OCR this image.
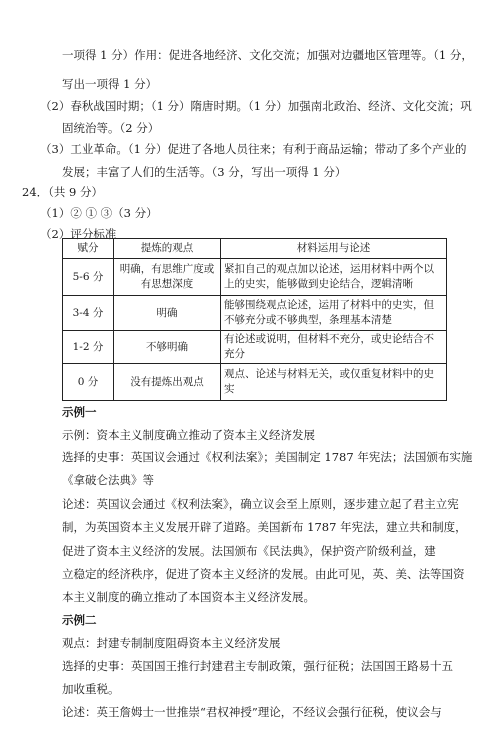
一项得 1 分）作用：促进各地经济、文化交流；加强对边疆地区管理等。（1 分，
写出一项得 1 分）
（2）春秋战国时期；（1 分）隋唐时期。（1 分）加强南北政治、经济、文化交流；巩
固统治等。（2 分）
（3）工业革命。（1 分）促进了各地人员往来；有利于商品运输；带动了多个产业的
发展；丰富了人们的生活等。（3 分，写出一项得 1 分）
24．（共 9 分）
（1）② ① ③（3 分）
（2）评分标准
赋分	提炼的观点	材料运用与论述
5-6 分	明确，有思维广度或有思想深度	紧扣自己的观点加以论述，运用材料中两个以上的史实，能够做到史论结合，逻辑清晰
3-4 分	明确	能够围绕观点论述，运用了材料中的史实，但不够充分或不够典型，条理基本清楚
1-2 分	不够明确	有论述或说明，但材料不充分，或史论结合不充分
0 分	没有提炼出观点	观点、论述与材料无关，或仅重复材料中的史实
示例一
示例：资本主义制度确立推动了资本主义经济发展
选择的史事：英国议会通过《权利法案》；美国制定 1787 年宪法；法国颁布实施
《拿破仑法典》等
论述：英国议会通过《权利法案》，确立议会至上原则，逐步建立起了君主立宪
制，为英国资本主义发展开辟了道路。美国新布 1787 年宪法，建立共和制度，
促进了资本主义经济的发展。法国颁布《民法典》，保护资产阶级利益，建
立稳定的经济秩序，促进了资本主义经济的发展。由此可见，英、美、法等国资
本主义制度的确立推动了本国资本主义经济发展。
示例二
观点：封建专制制度阻碍资本主义经济发展
选择的史事：英国国王推行封建君主专制政策，强行征税；法国国王路易十五
加收重税。
论述：英王詹姆士一世推崇“君权神授”理论，不经议会强行征税，使议会与
